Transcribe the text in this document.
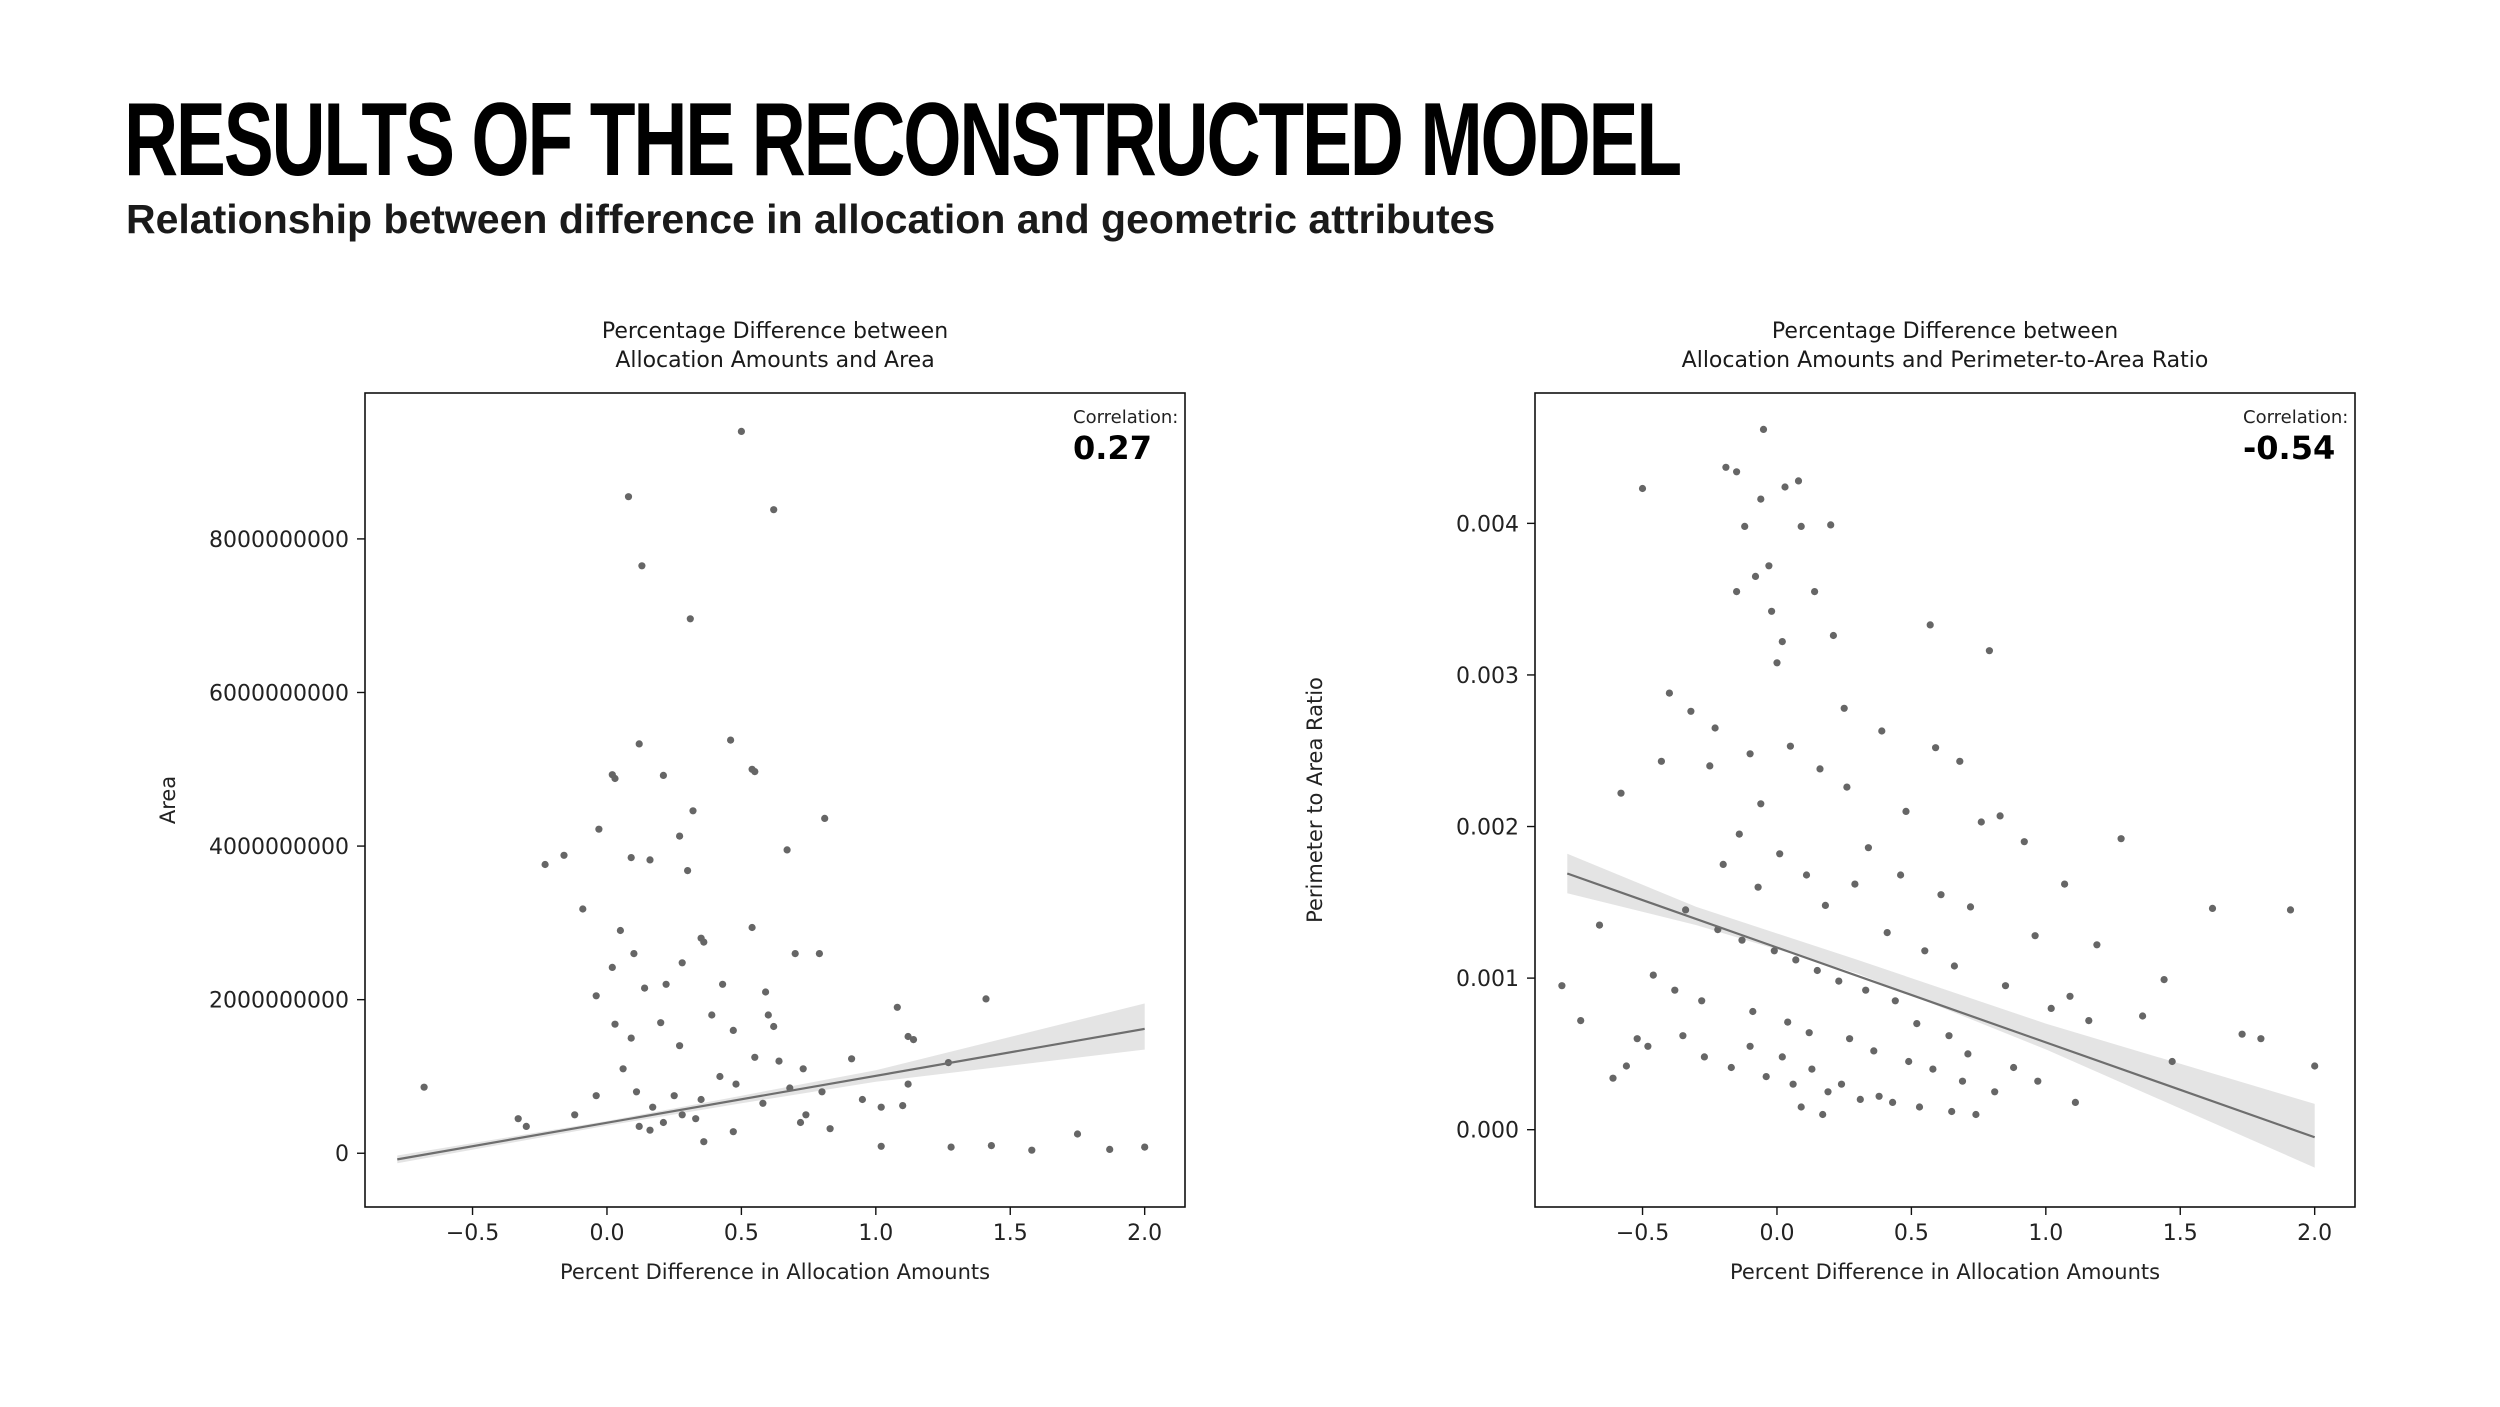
RESULTS OF THE RECONSTRUCTED MODEL
Relationship between difference in allocation and geometric attributes
Percentage Difference between
Allocation Amounts and Area
−0.5	0.0	0.5	1.0	1.5	2.0
0
2000000000
4000000000
6000000000
8000000000
Percent Difference in Allocation Amounts
Area
Correlation:
0.27
Percentage Difference between
Allocation Amounts and Perimeter-to-Area Ratio
−0.5	0.0	0.5	1.0	1.5	2.0
0.000
0.001
0.002
0.003
0.004
Percent Difference in Allocation Amounts
Perimeter to Area Ratio
Correlation:
-0.54
